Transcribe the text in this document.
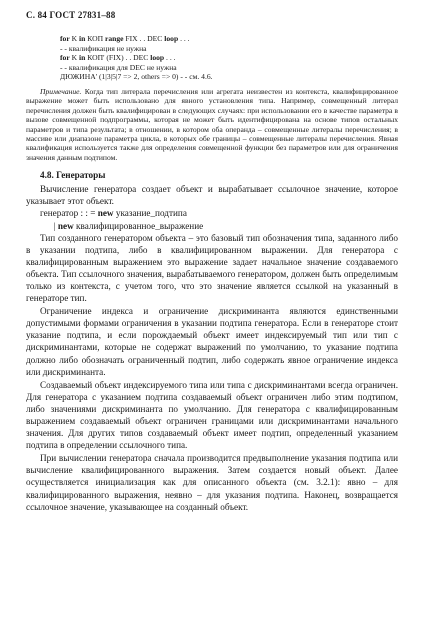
С. 84 ГОСТ 27831–88
for K in КОП range FIX . . DEC loop . . .
- - квалификация не нужна
for K in КОП' (FIX) . . DEC loop . . .
- - квалификация для DEC не нужна
ДЮЖИНА' (1|3|5|7 => 2, others => 0) - - см. 4.6.

Примечание. Когда тип литерала перечисления или агрегата неизвестен из контекста, квалифицированное выражение может быть использовано для явного установления типа. Например, совмещенный литерал перечисления должен быть квалифицирован в следующих случаях: при использовании его в качестве параметра в вызове совмещенной подпрограммы, которая не может быть идентифицирована на основе типов остальных параметров и типа результата; в отношении, в котором оба операнда – совмещенные литералы перечисления; в массиве или диапазоне параметра цикла, в которых обе границы – совмещенные литералы перечисления. Явная квалификация используется также для определения совмещенной функции без параметров или для ограничения значения данным подтипом.

4.8. Генераторы

Вычисление генератора создает объект и вырабатывает ссылочное значение, которое указывает этот объект.

генератор : : = new указание_подтипа
| new квалифицированное_выражение

Тип созданного генератором объекта – это базовый тип обозначения типа, заданного либо в указании подтипа, либо в квалифицированном выражении. Для генератора с квалифицированным выражением это выражение задает начальное значение создаваемого объекта. Тип ссылочного значения, вырабатываемого генератором, должен быть определимым только из контекста, с учетом того, что это значение является ссылкой на указанный в генераторе тип.

Ограничение индекса и ограничение дискриминанта являются единственными допустимыми формами ограничения в указании подтипа генератора. Если в генераторе стоит указание подтипа, и если порождаемый объект имеет индексируемый тип или тип с дискриминантами, которые не содержат выражений по умолчанию, то указание подтипа должно либо обозначать ограниченный подтип, либо содержать явное ограничение индекса или дискриминанта.

Создаваемый объект индексируемого типа или типа с дискриминантами всегда ограничен. Для генератора с указанием подтипа создаваемый объект ограничен либо этим подтипом, либо значениями дискриминанта по умолчанию. Для генератора с квалифицированным выражением создаваемый объект ограничен границами или дискриминантами начального значения. Для других типов создаваемый объект имеет подтип, определенный указанием подтипа в определении ссылочного типа.

При вычислении генератора сначала производится предвыполнение указания подтипа или вычисление квалифицированного выражения. Затем создается новый объект. Далее осуществляется инициализация как для описанного объекта (см. 3.2.1): явно – для квалифицированного выражения, неявно – для указания подтипа. Наконец, возвращается ссылочное значение, указывающее на созданный объект.
